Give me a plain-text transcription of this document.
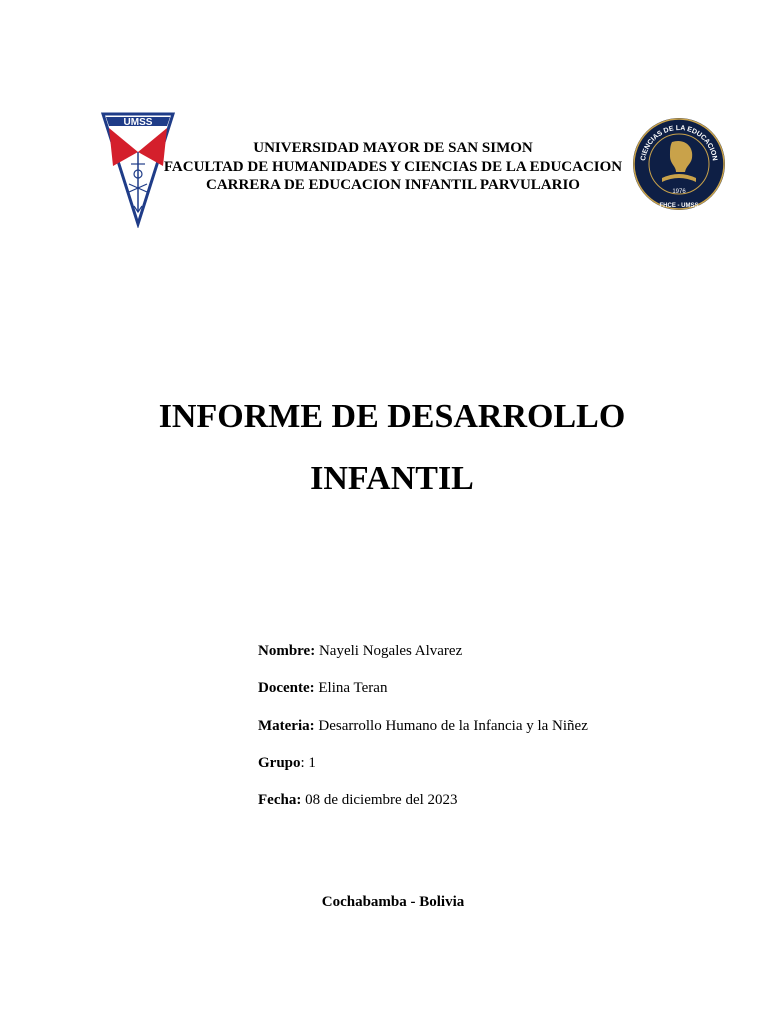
UMSS
CIENCIAS DE LA EDUCACION
1976
FHCE - UMSS
UNIVERSIDAD MAYOR DE SAN SIMON
FACULTAD DE HUMANIDADES Y CIENCIAS DE LA EDUCACION
CARRERA DE EDUCACION INFANTIL PARVULARIO
INFORME DE DESARROLLO
INFANTIL
Nombre: Nayeli Nogales Alvarez
Docente: Elina Teran
Materia: Desarrollo Humano de la Infancia y la Niñez
Grupo: 1
Fecha: 08 de diciembre del 2023
Cochabamba - Bolivia
